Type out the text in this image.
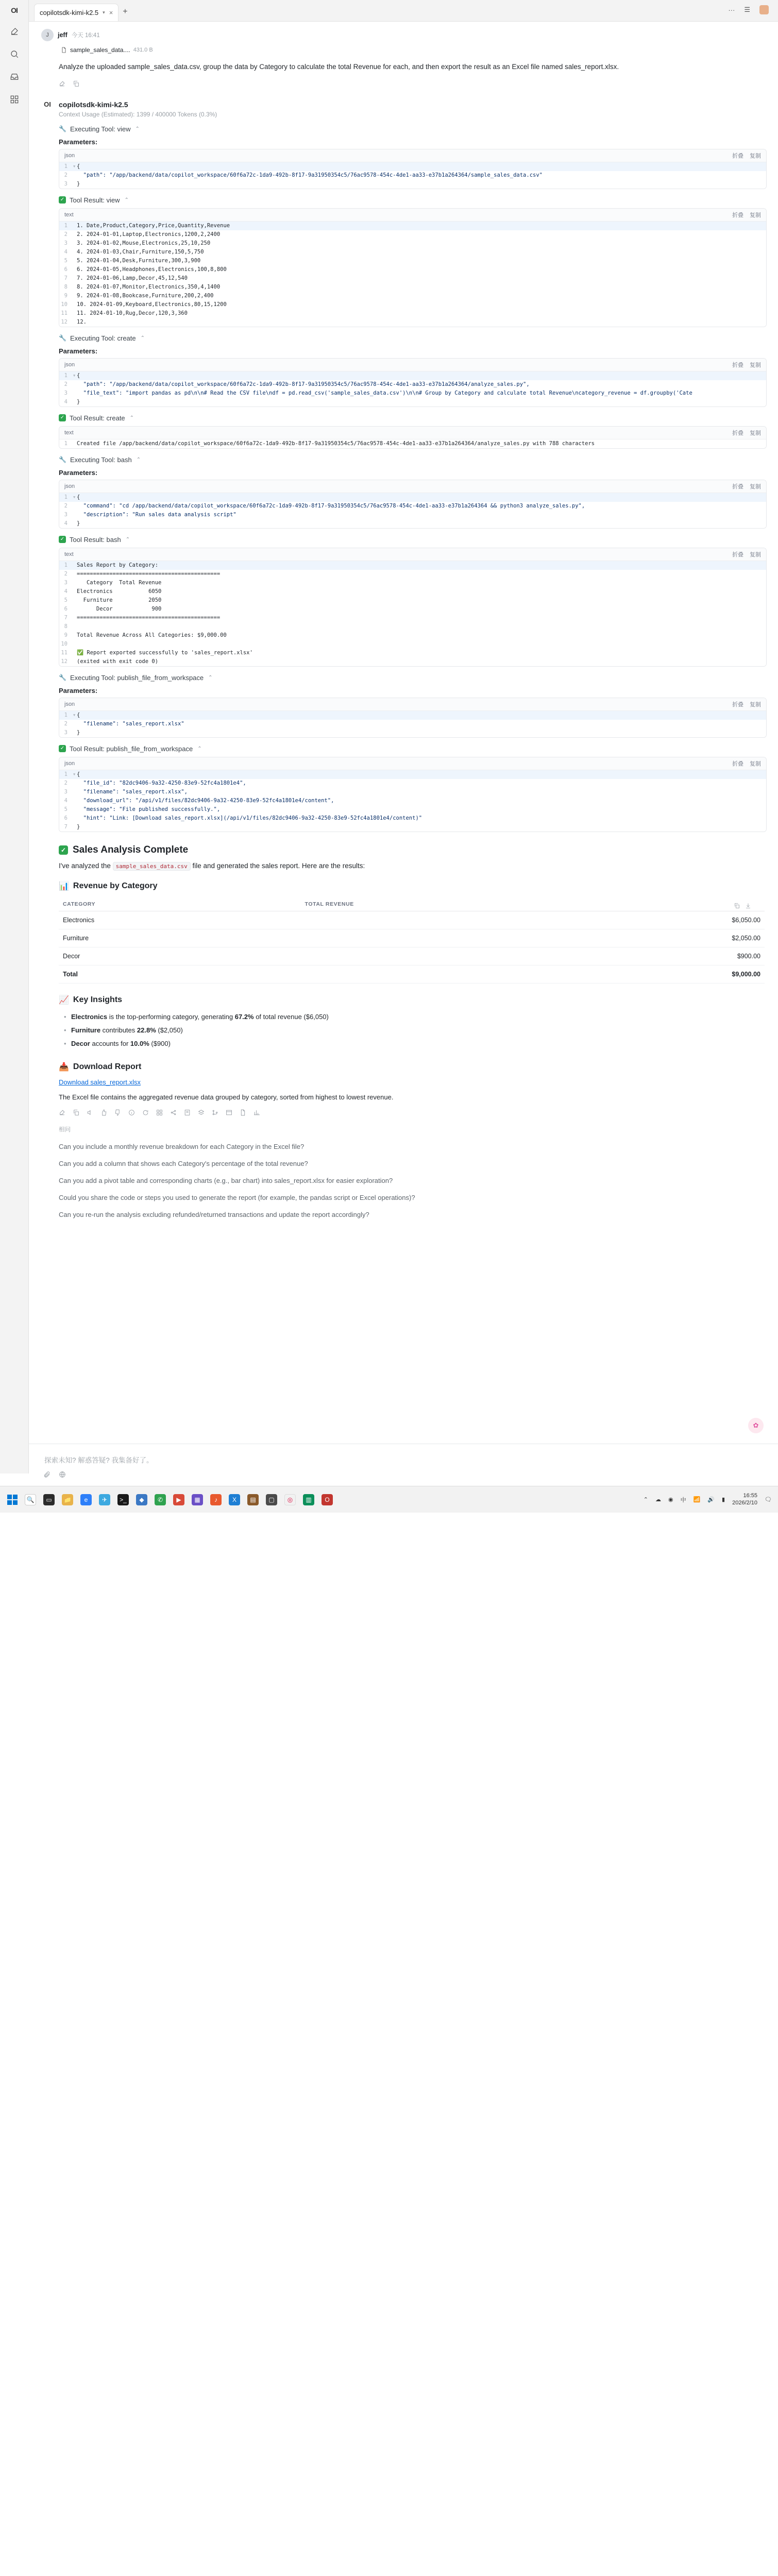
OI	copilotsdk-kimi-k2.5 ▾ × +	··· ☰
J	jeff 今天 16:41
sample_sales_data.... 431.0 B
Analyze the uploaded sample_sales_data.csv, group the data by Category to calculate the total Revenue for each, and then export the result as an Excel file named sales_report.xlsx.
OI	copilotsdk-kimi-k2.5
Context Usage (Estimated): 1399 / 400000 Tokens (0.3%)
🔧 Executing Tool: view ⌃
Parameters:
json	折叠 复制
1 ▾ {
2	"path": "/app/backend/data/copilot_workspace/60f6a72c-1da9-492b-8f17-9a31950354c5/76ac9578-454c-4de1-aa33-e37b1a264364/sample_sales_data.csv"
3	}
✓ Tool Result: view ⌃
text	折叠 复制
1	1. Date,Product,Category,Price,Quantity,Revenue
2	2. 2024-01-01,Laptop,Electronics,1200,2,2400
3	3. 2024-01-02,Mouse,Electronics,25,10,250
4	4. 2024-01-03,Chair,Furniture,150,5,750
5	5. 2024-01-04,Desk,Furniture,300,3,900
6	6. 2024-01-05,Headphones,Electronics,100,8,800
7	7. 2024-01-06,Lamp,Decor,45,12,540
8	8. 2024-01-07,Monitor,Electronics,350,4,1400
9	9. 2024-01-08,Bookcase,Furniture,200,2,400
10	10. 2024-01-09,Keyboard,Electronics,80,15,1200
11	11. 2024-01-10,Rug,Decor,120,3,360
12	12.
🔧 Executing Tool: create ⌃
Parameters:
json	折叠 复制
1 ▾ {
2	"path": "/app/backend/data/copilot_workspace/60f6a72c-1da9-492b-8f17-9a31950354c5/76ac9578-454c-4de1-aa33-e37b1a264364/analyze_sales.py",
3	"file_text": "import pandas as pd\n\n# Read the CSV file\ndf = pd.read_csv('sample_sales_data.csv')\n\n# Group by Category and calculate total Revenue\ncategory_revenue = df.groupby('Cate
4	}
✓ Tool Result: create ⌃
text	折叠 复制
1	Created file /app/backend/data/copilot_workspace/60f6a72c-1da9-492b-8f17-9a31950354c5/76ac9578-454c-4de1-aa33-e37b1a264364/analyze_sales.py with 788 characters
🔧 Executing Tool: bash ⌃
Parameters:
json	折叠 复制
1 ▾ {
2	"command": "cd /app/backend/data/copilot_workspace/60f6a72c-1da9-492b-8f17-9a31950354c5/76ac9578-454c-4de1-aa33-e37b1a264364 && python3 analyze_sales.py",
3	"description": "Run sales data analysis script"
4	}
✓ Tool Result: bash ⌃
text	折叠 复制
1	Sales Report by Category:
2	============================================
3	Category  Total Revenue
4	Electronics           6050
5	Furniture           2050
6	Decor            900
7	============================================
8
9	Total Revenue Across All Categories: $9,000.00
10
11	✅ Report exported successfully to 'sales_report.xlsx'
12	(exited with exit code 0)
🔧 Executing Tool: publish_file_from_workspace ⌃
Parameters:
json	折叠 复制
1 ▾ {
2	"filename": "sales_report.xlsx"
3	}
✓ Tool Result: publish_file_from_workspace ⌃
json	折叠 复制
1 ▾ {
2	"file_id": "82dc9406-9a32-4250-83e9-52fc4a1801e4",
3	"filename": "sales_report.xlsx",
4	"download_url": "/api/v1/files/82dc9406-9a32-4250-83e9-52fc4a1801e4/content",
5	"message": "File published successfully.",
6	"hint": "Link: [Download sales_report.xlsx](/api/v1/files/82dc9406-9a32-4250-83e9-52fc4a1801e4/content)"
7	}
✓ Sales Analysis Complete

I've analyzed the sample_sales_data.csv file and generated the sales report. Here are the results:

📊 Revenue by Category
CATEGORY	TOTAL REVENUE	
Electronics		$6,050.00
Furniture		$2,050.00
Decor		$900.00
Total		$9,000.00
📈 Key Insights
• Electronics is the top-performing category, generating 67.2% of total revenue ($6,050)
• Furniture contributes 22.8% ($2,050)
• Decor accounts for 10.0% ($900)
📥 Download Report
Download sales_report.xlsx
The Excel file contains the aggregated revenue data grouped by category, sorted from highest to lowest revenue.
相问
Can you include a monthly revenue breakdown for each Category in the Excel file?
Can you add a column that shows each Category's percentage of the total revenue?
Can you add a pivot table and corresponding charts (e.g., bar chart) into sales_report.xlsx for easier exploration?
Could you share the code or steps you used to generate the report (for example, the pandas script or Excel operations)?
Can you re-run the analysis excluding refunded/returned transactions and update the report accordingly?
✿
探索未知? 解惑答疑? 我集备好了。
🔍	▭	📁	e	✈	>_	◆	✆	▶	▦	♪	X	▤	▢	◎	▥	O	⌃ ☁ ◉ 中 📶 🔊 ▮
16:55
2026/2/10 🗨
